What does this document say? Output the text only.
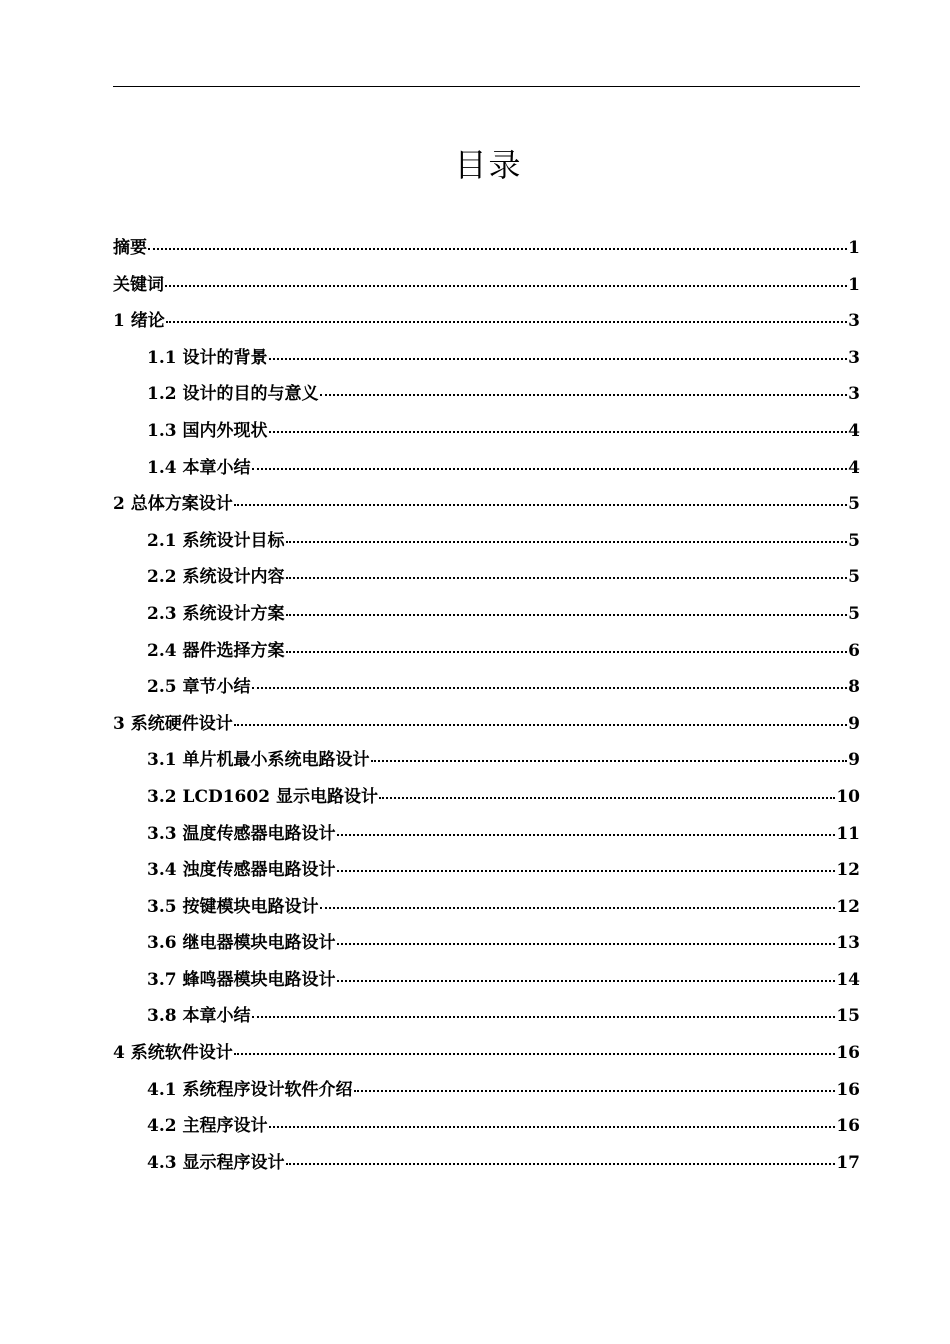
目录
摘要	1
关键词	1
1 绪论	3
1.1 设计的背景	3
1.2 设计的目的与意义	3
1.3 国内外现状	4
1.4 本章小结	4
2 总体方案设计	5
2.1 系统设计目标	5
2.2 系统设计内容	5
2.3 系统设计方案	5
2.4 器件选择方案	6
2.5 章节小结	8
3 系统硬件设计	9
3.1 单片机最小系统电路设计	9
3.2 LCD1602 显示电路设计	10
3.3 温度传感器电路设计	11
3.4 浊度传感器电路设计	12
3.5 按键模块电路设计	12
3.6 继电器模块电路设计	13
3.7 蜂鸣器模块电路设计	14
3.8 本章小结	15
4 系统软件设计	16
4.1 系统程序设计软件介绍	16
4.2 主程序设计	16
4.3 显示程序设计	17
